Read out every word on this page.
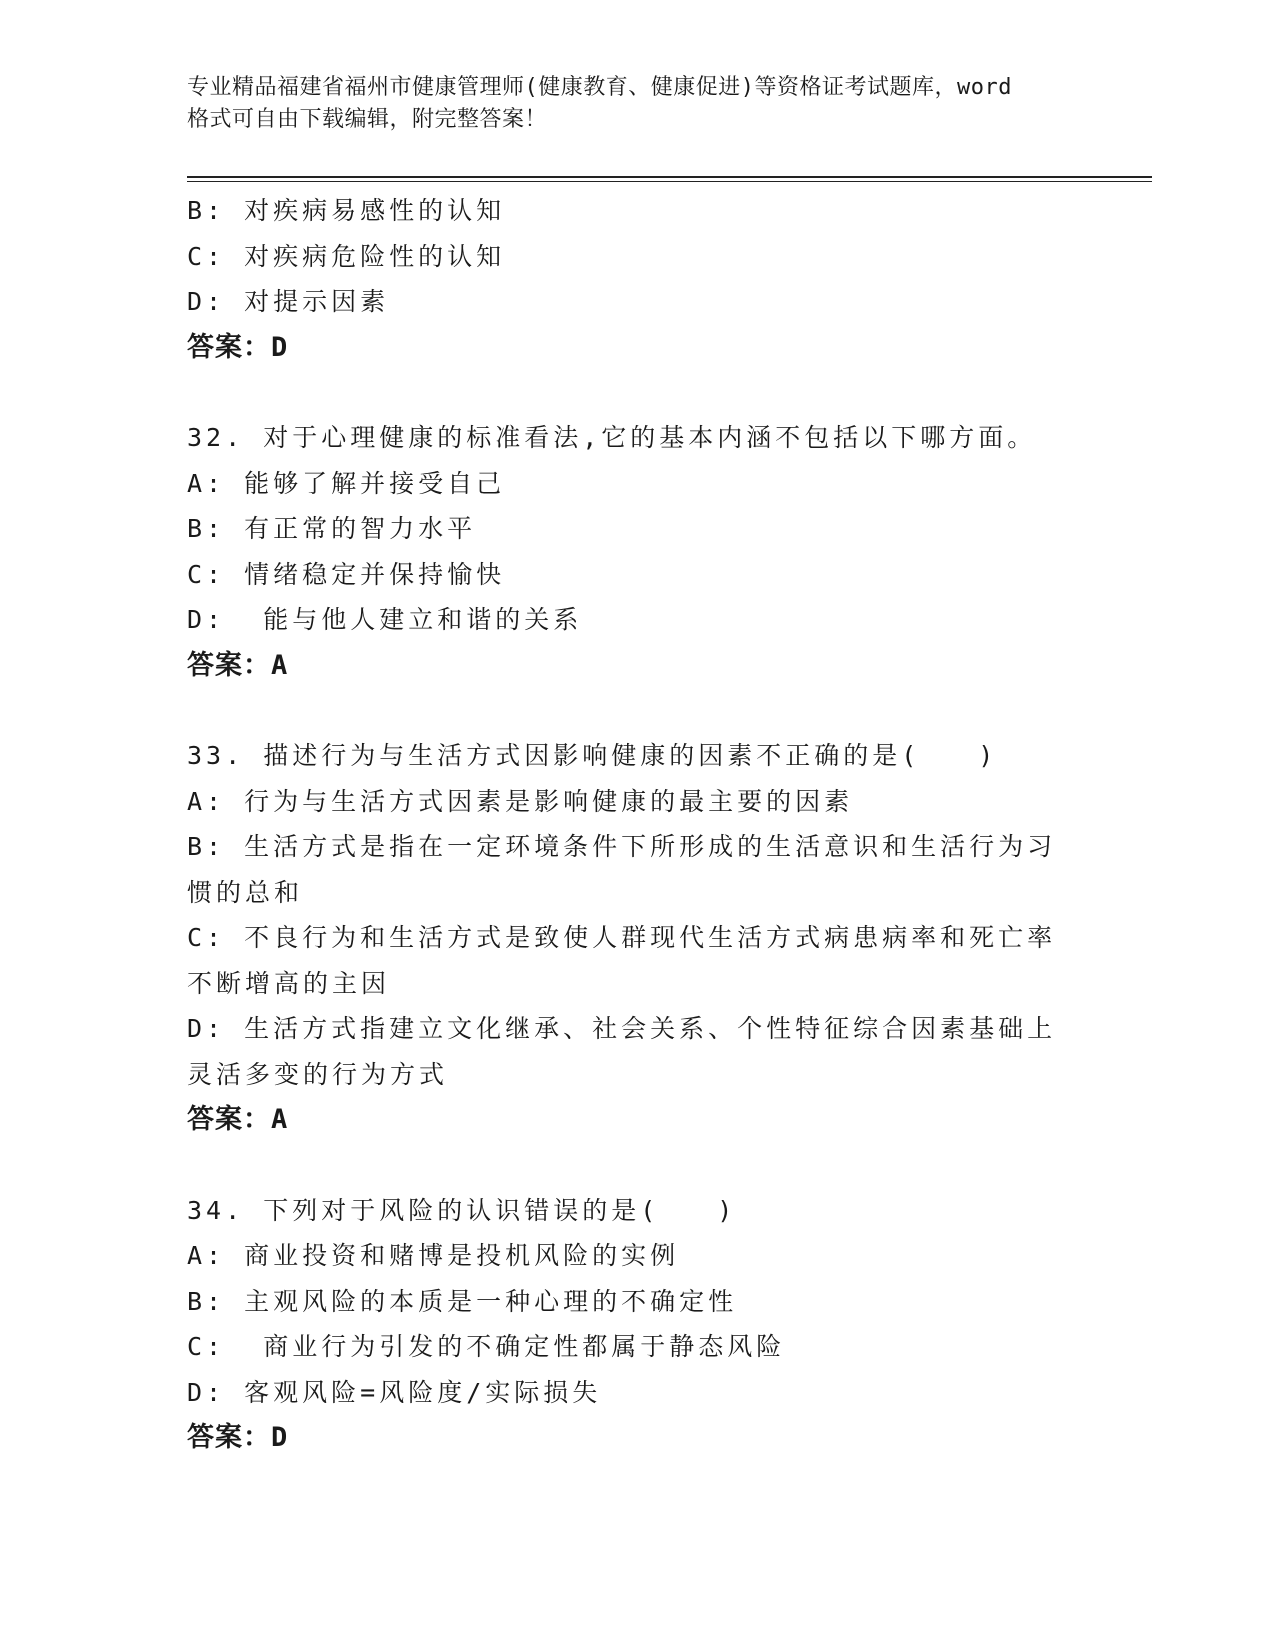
专业精品福建省福州市健康管理师(健康教育、健康促进)等资格证考试题库，word
格式可自由下载编辑，附完整答案！
B: 对疾病易感性的认知
C: 对疾病危险性的认知
D: 对提示因素
答案：D
32. 对于心理健康的标准看法,它的基本内涵不包括以下哪方面。
A: 能够了解并接受自己
B: 有正常的智力水平
C: 情绪稳定并保持愉快
D:  能与他人建立和谐的关系
答案：A
33. 描述行为与生活方式因影响健康的因素不正确的是(　　)
A: 行为与生活方式因素是影响健康的最主要的因素
B: 生活方式是指在一定环境条件下所形成的生活意识和生活行为习惯的总和
C: 不良行为和生活方式是致使人群现代生活方式病患病率和死亡率不断增高的主因
D: 生活方式指建立文化继承、社会关系、个性特征综合因素基础上灵活多变的行为方式
答案：A
34. 下列对于风险的认识错误的是(　　)
A: 商业投资和赌博是投机风险的实例
B: 主观风险的本质是一种心理的不确定性
C:  商业行为引发的不确定性都属于静态风险
D: 客观风险=风险度/实际损失
答案：D
